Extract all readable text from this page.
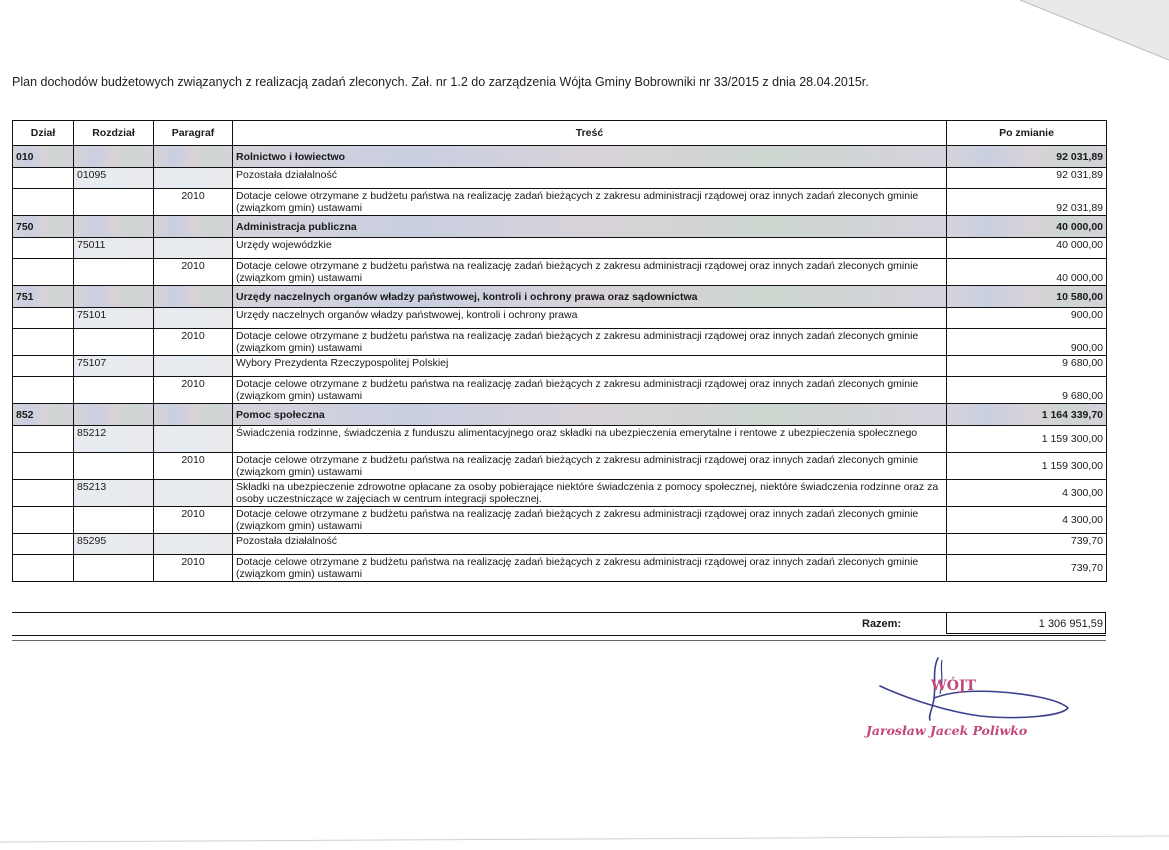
Plan dochodów budżetowych związanych z realizacją zadań zleconych. Zał. nr 1.2 do zarządzenia Wójta Gminy Bobrowniki nr 33/2015 z dnia 28.04.2015r.
Dział	Rozdział	Paragraf	Treść	Po zmianie
010			Rolnictwo i łowiectwo	92 031,89
	01095		Pozostała działalność	92 031,89
		2010	Dotacje celowe otrzymane z budżetu państwa na realizację zadań bieżących z zakresu administracji rządowej oraz innych zadań zleconych gminie (związkom gmin) ustawami	92 031,89
750			Administracja publiczna	40 000,00
	75011		Urzędy wojewódzkie	40 000,00
		2010	Dotacje celowe otrzymane z budżetu państwa na realizację zadań bieżących z zakresu administracji rządowej oraz innych zadań zleconych gminie (związkom gmin) ustawami	40 000,00
751			Urzędy naczelnych organów władzy państwowej, kontroli i ochrony prawa oraz sądownictwa	10 580,00
	75101		Urzędy naczelnych organów władzy państwowej, kontroli i ochrony prawa	900,00
		2010	Dotacje celowe otrzymane z budżetu państwa na realizację zadań bieżących z zakresu administracji rządowej oraz innych zadań zleconych gminie (związkom gmin) ustawami	900,00
	75107		Wybory Prezydenta Rzeczypospolitej Polskiej	9 680,00
		2010	Dotacje celowe otrzymane z budżetu państwa na realizację zadań bieżących z zakresu administracji rządowej oraz innych zadań zleconych gminie (związkom gmin) ustawami	9 680,00
852			Pomoc społeczna	1 164 339,70
	85212		Świadczenia rodzinne, świadczenia z funduszu alimentacyjnego oraz składki na ubezpieczenia emerytalne i rentowe z ubezpieczenia społecznego	1 159 300,00
		2010	Dotacje celowe otrzymane z budżetu państwa na realizację zadań bieżących z zakresu administracji rządowej oraz innych zadań zleconych gminie (związkom gmin) ustawami	1 159 300,00
	85213		Składki na ubezpieczenie zdrowotne opłacane za osoby pobierające niektóre świadczenia z pomocy społecznej, niektóre świadczenia rodzinne oraz za osoby uczestniczące w zajęciach w centrum integracji społecznej.	4 300,00
		2010	Dotacje celowe otrzymane z budżetu państwa na realizację zadań bieżących z zakresu administracji rządowej oraz innych zadań zleconych gminie (związkom gmin) ustawami	4 300,00
	85295		Pozostała działalność	739,70
		2010	Dotacje celowe otrzymane z budżetu państwa na realizację zadań bieżących z zakresu administracji rządowej oraz innych zadań zleconych gminie (związkom gmin) ustawami	739,70
Razem:	1 306 951,59
WÓJT
Jarosław Jacek Poliwko
